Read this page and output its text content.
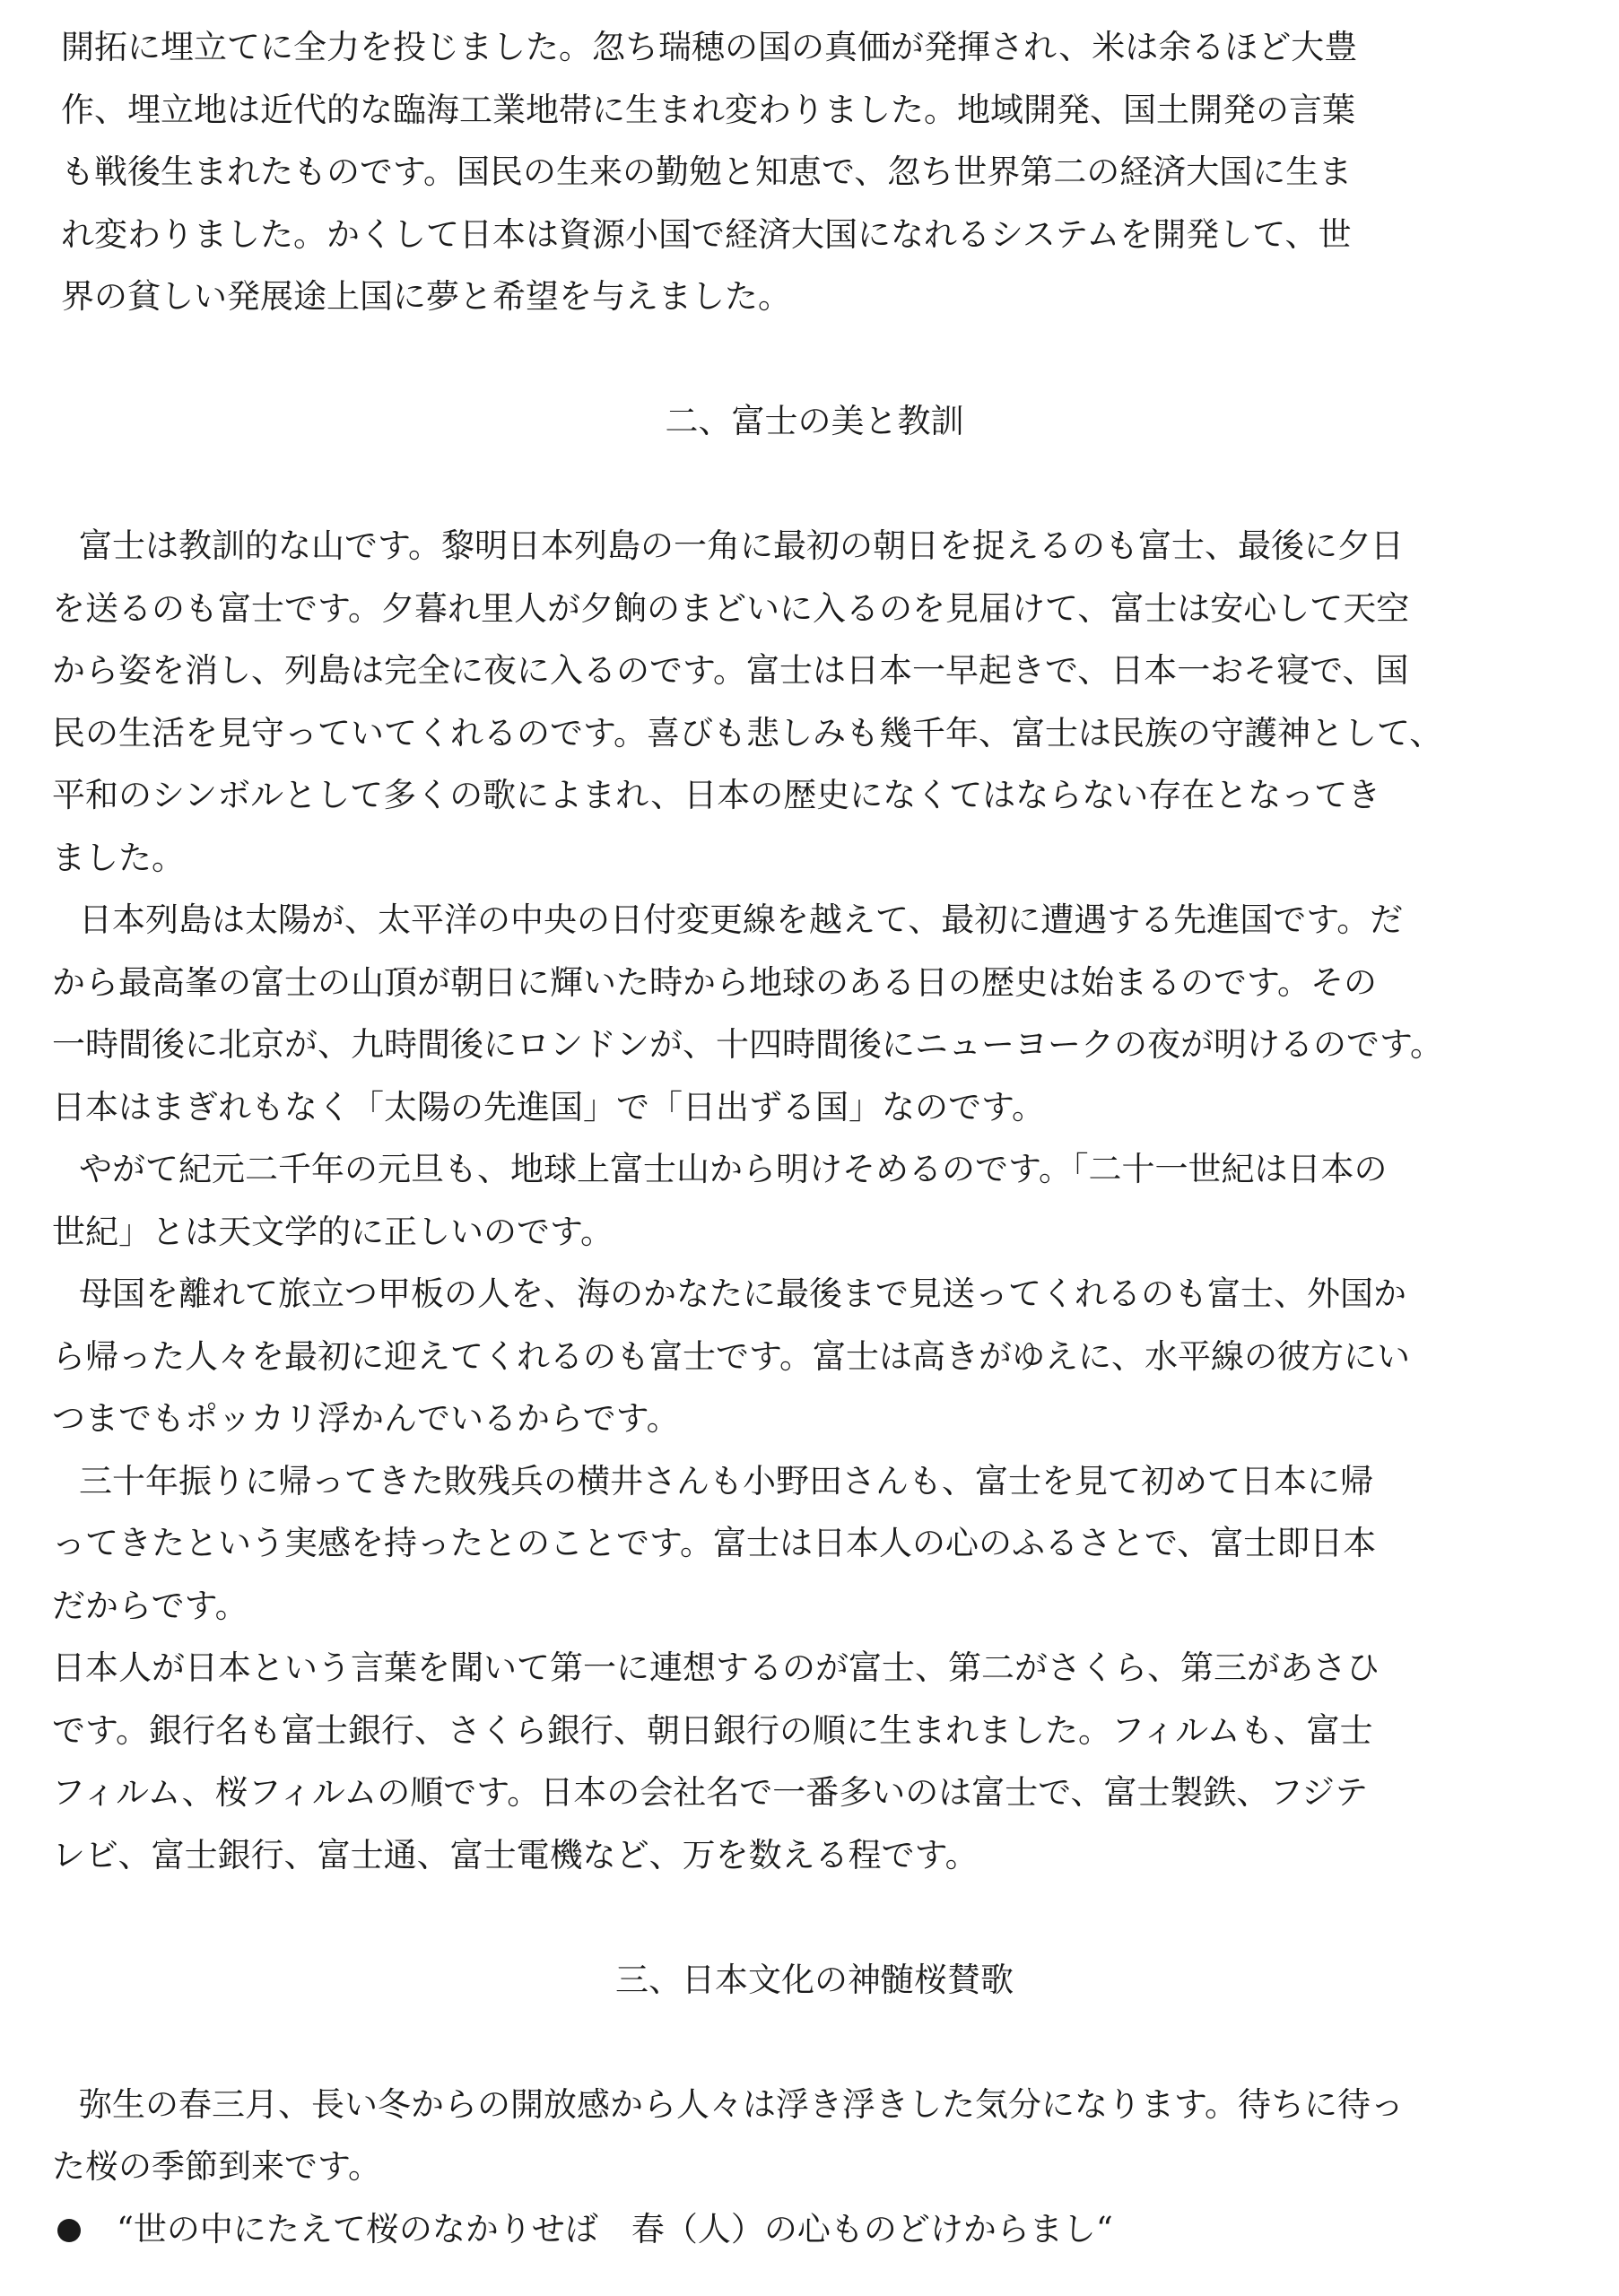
開拓に埋立てに全力を投じました。忽ち瑞穂の国の真価が発揮され、米は余るほど大豊
作、埋立地は近代的な臨海工業地帯に生まれ変わりました。地域開発、国土開発の言葉
も戦後生まれたものです。国民の生来の勤勉と知恵で、忽ち世界第二の経済大国に生ま
れ変わりました。かくして日本は資源小国で経済大国になれるシステムを開発して、世
界の貧しい発展途上国に夢と希望を与えました。
二、富士の美と教訓
富士は教訓的な山です。黎明日本列島の一角に最初の朝日を捉えるのも富士、最後に夕日
を送るのも富士です。夕暮れ里人が夕餉のまどいに入るのを見届けて、富士は安心して天空
から姿を消し、列島は完全に夜に入るのです。富士は日本一早起きで、日本一おそ寝で、国
民の生活を見守っていてくれるのです。喜びも悲しみも幾千年、富士は民族の守護神として、
平和のシンボルとして多くの歌によまれ、日本の歴史になくてはならない存在となってき
ました。
日本列島は太陽が、太平洋の中央の日付変更線を越えて、最初に遭遇する先進国です。だ
から最高峯の富士の山頂が朝日に輝いた時から地球のある日の歴史は始まるのです。その
一時間後に北京が、九時間後にロンドンが、十四時間後にニューヨークの夜が明けるのです。
日本はまぎれもなく「太陽の先進国」で「日出ずる国」なのです。
やがて紀元二千年の元旦も、地球上富士山から明けそめるのです。「二十一世紀は日本の
世紀」とは天文学的に正しいのです。
母国を離れて旅立つ甲板の人を、海のかなたに最後まで見送ってくれるのも富士、外国か
ら帰った人々を最初に迎えてくれるのも富士です。富士は高きがゆえに、水平線の彼方にい
つまでもポッカリ浮かんでいるからです。
三十年振りに帰ってきた敗残兵の横井さんも小野田さんも、富士を見て初めて日本に帰
ってきたという実感を持ったとのことです。富士は日本人の心のふるさとで、富士即日本
だからです。
日本人が日本という言葉を聞いて第一に連想するのが富士、第二がさくら、第三があさひ
です。銀行名も富士銀行、さくら銀行、朝日銀行の順に生まれました。フィルムも、富士
フィルム、桜フィルムの順です。日本の会社名で一番多いのは富士で、富士製鉄、フジテ
レビ、富士銀行、富士通、富士電機など、万を数える程です。
三、日本文化の神髄桜賛歌
弥生の春三月、長い冬からの開放感から人々は浮き浮きした気分になります。待ちに待っ
た桜の季節到来です。
“世の中にたえて桜のなかりせば　春（人）の心ものどけからまし“
